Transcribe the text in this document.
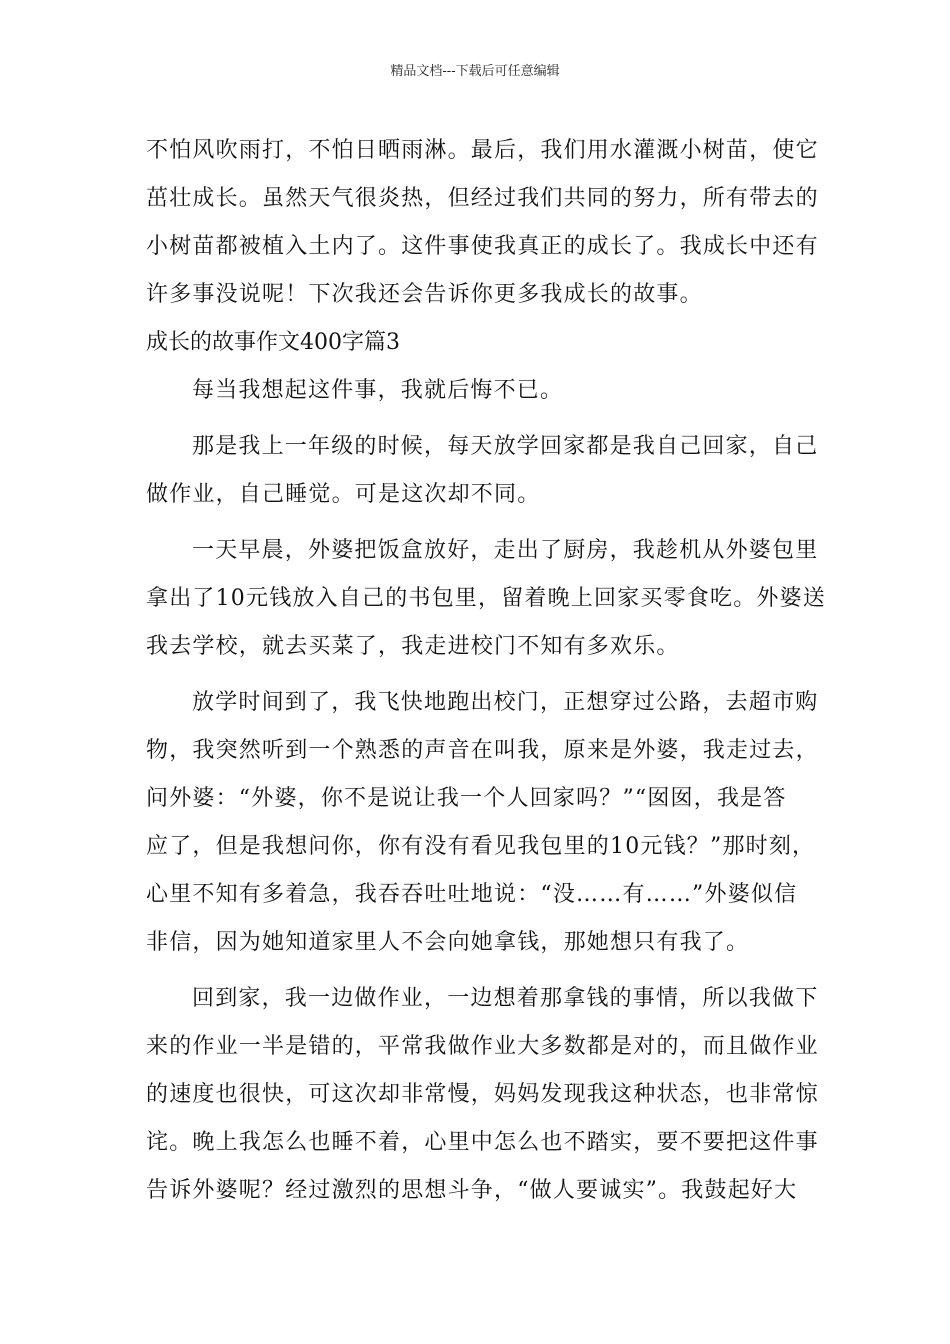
精品文档---下载后可任意编辑
不怕风吹雨打，不怕日晒雨淋。最后，我们用水灌溉小树苗，使它
茁壮成长。虽然天气很炎热，但经过我们共同的努力，所有带去的
小树苗都被植入土内了。这件事使我真正的成长了。我成长中还有
许多事没说呢！下次我还会告诉你更多我成长的故事。
成长的故事作文400字篇3
每当我想起这件事，我就后悔不已。
那是我上一年级的时候，每天放学回家都是我自己回家，自己
做作业，自己睡觉。可是这次却不同。
一天早晨，外婆把饭盒放好，走出了厨房，我趁机从外婆包里
拿出了10元钱放入自己的书包里，留着晚上回家买零食吃。外婆送
我去学校，就去买菜了，我走进校门不知有多欢乐。
放学时间到了，我飞快地跑出校门，正想穿过公路，去超市购
物，我突然听到一个熟悉的声音在叫我，原来是外婆，我走过去，
问外婆：“外婆，你不是说让我一个人回家吗？”“囡囡，我是答
应了，但是我想问你，你有没有看见我包里的10元钱？”那时刻，
心里不知有多着急，我吞吞吐吐地说：“没……有……”外婆似信
非信，因为她知道家里人不会向她拿钱，那她想只有我了。
回到家，我一边做作业，一边想着那拿钱的事情，所以我做下
来的作业一半是错的，平常我做作业大多数都是对的，而且做作业
的速度也很快，可这次却非常慢，妈妈发现我这种状态，也非常惊
诧。晚上我怎么也睡不着，心里中怎么也不踏实，要不要把这件事
告诉外婆呢？经过激烈的思想斗争，“做人要诚实”。我鼓起好大
